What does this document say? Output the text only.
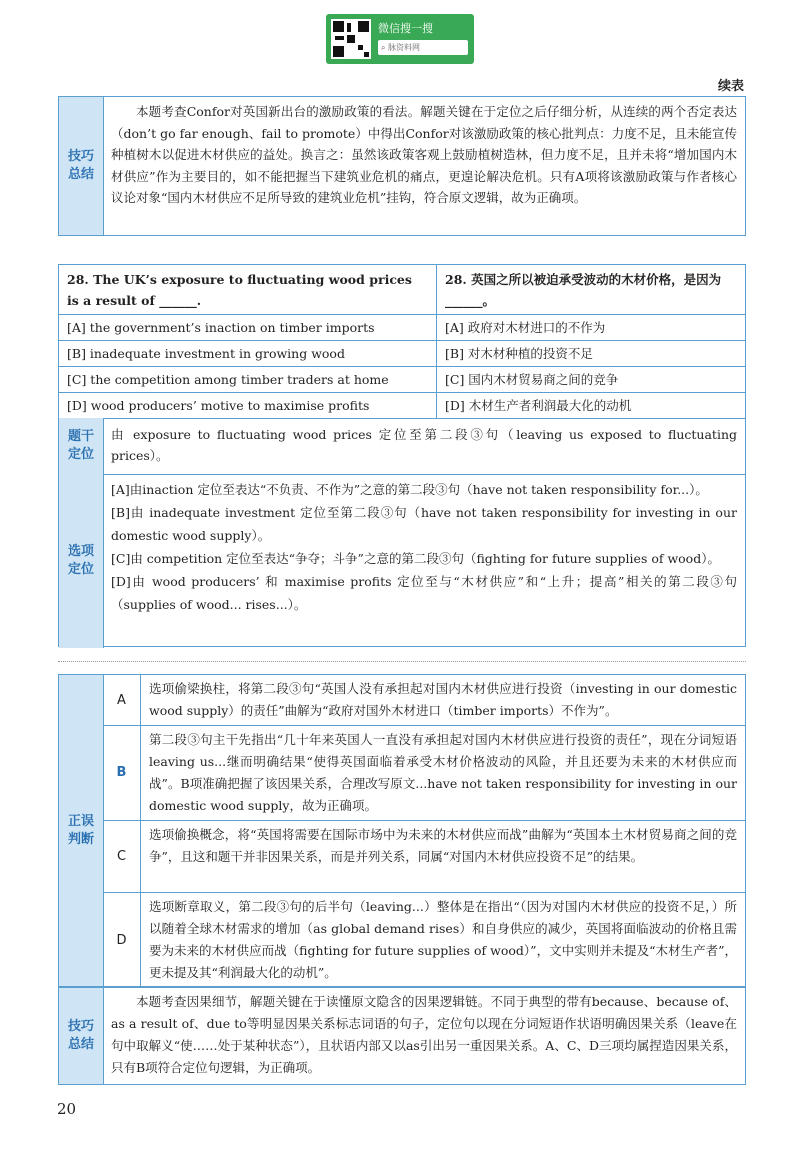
微信搜一搜
⌕ 脉资料网
续表
技巧
总结
本题考查Confor对英国新出台的激励政策的看法。解题关键在于定位之后仔细分析，从连续的两个否定表达（don’t go far enough、fail to promote）中得出Confor对该激励政策的核心批判点：力度不足，且未能宣传种植树木以促进木材供应的益处。换言之：虽然该政策客观上鼓励植树造林，但力度不足，且并未将“增加国内木材供应”作为主要目的，如不能把握当下建筑业危机的痛点，更遑论解决危机。只有A项将该激励政策与作者核心议论对象“国内木材供应不足所导致的建筑业危机”挂钩，符合原文逻辑，故为正确项。
28. The UK’s exposure to fluctuating wood prices is a result of ______.
28. 英国之所以被迫承受波动的木材价格，是因为______。
[A] the government’s inaction on timber imports	[A] 政府对木材进口的不作为
[B] inadequate investment in growing wood	[B] 对木材种植的投资不足
[C] the competition among timber traders at home	[C] 国内木材贸易商之间的竞争
[D] wood producers’ motive to maximise profits	[D] 木材生产者利润最大化的动机
题干
定位
由 exposure to fluctuating wood prices 定位至第二段③句（leaving us exposed to fluctuating prices）。
选项
定位
[A]由inaction 定位至表达“不负责、不作为”之意的第二段③句（have not taken responsibility for...）。
[B]由 inadequate investment 定位至第二段③句（have not taken responsibility for investing in our domestic wood supply）。
[C]由 competition 定位至表达“争夺；斗争”之意的第二段③句（fighting for future supplies of wood）。
[D]由 wood producers’ 和 maximise profits 定位至与“木材供应”和“上升；提高”相关的第二段③句（supplies of wood... rises...）。
正误
判断
A
选项偷梁换柱，将第二段③句“英国人没有承担起对国内木材供应进行投资（investing in our domestic wood supply）的责任”曲解为“政府对国外木材进口（timber imports）不作为”。
B
第二段③句主干先指出“几十年来英国人一直没有承担起对国内木材供应进行投资的责任”，现在分词短语 leaving us...继而明确结果“使得英国面临着承受木材价格波动的风险，并且还要为未来的木材供应而战”。B项准确把握了该因果关系，合理改写原文...have not taken responsibility for investing in our domestic wood supply，故为正确项。
C
选项偷换概念，将“英国将需要在国际市场中为未来的木材供应而战”曲解为“英国本土木材贸易商之间的竞争”，且这和题干并非因果关系，而是并列关系，同属“对国内木材供应投资不足”的结果。
D
选项断章取义，第二段③句的后半句（leaving...）整体是在指出“（因为对国内木材供应的投资不足，）所以随着全球木材需求的增加（as global demand rises）和自身供应的减少，英国将面临波动的价格且需要为未来的木材供应而战（fighting for future supplies of wood）”，文中实则并未提及“木材生产者”，更未提及其“利润最大化的动机”。
技巧
总结
本题考查因果细节，解题关键在于读懂原文隐含的因果逻辑链。不同于典型的带有because、because of、as a result of、due to等明显因果关系标志词语的句子，定位句以现在分词短语作状语明确因果关系（leave在句中取解义“使……处于某种状态”），且状语内部又以as引出另一重因果关系。A、C、D三项均属捏造因果关系，只有B项符合定位句逻辑，为正确项。
20
